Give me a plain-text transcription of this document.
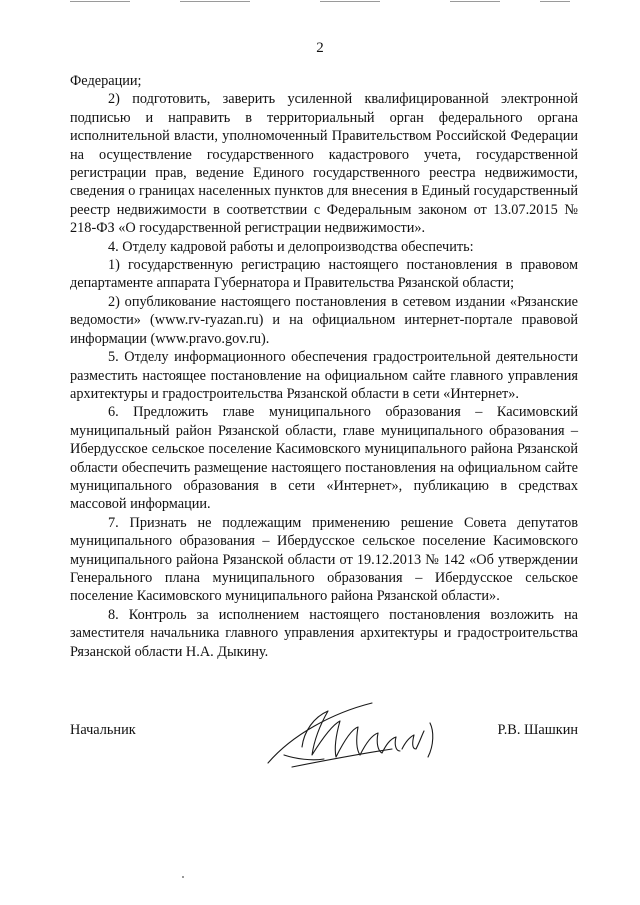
2

Федерации;

2) подготовить, заверить усиленной квалифицированной электронной подписью и направить в территориальный орган федерального органа исполнительной власти, уполномоченный Правительством Российской Федерации на осуществление государственного кадастрового учета, государственной регистрации прав, ведение Единого государственного реестра недвижимости, сведения о границах населенных пунктов для внесения в Единый государственный реестр недвижимости в соответствии с Федеральным законом от 13.07.2015 № 218-ФЗ «О государственной регистрации недвижимости».

4. Отделу кадровой работы и делопроизводства обеспечить:

1) государственную регистрацию настоящего постановления в правовом департаменте аппарата Губернатора и Правительства Рязанской области;

2) опубликование настоящего постановления в сетевом издании «Рязанские ведомости» (www.rv-ryazan.ru) и на официальном интернет-портале правовой информации (www.pravo.gov.ru).

5. Отделу информационного обеспечения градостроительной деятельности разместить настоящее постановление на официальном сайте главного управления архитектуры и градостроительства Рязанской области в сети «Интернет».

6. Предложить главе муниципального образования – Касимовский муниципальный район Рязанской области, главе муниципального образования – Ибердусское сельское поселение Касимовского муниципального района Рязанской области обеспечить размещение настоящего постановления на официальном сайте муниципального образования в сети «Интернет», публикацию в средствах массовой информации.

7. Признать не подлежащим применению решение Совета депутатов муниципального образования – Ибердусское сельское поселение Касимовского муниципального района Рязанской области от 19.12.2013 № 142 «Об утверждении Генерального плана муниципального образования – Ибердусское сельское поселение Касимовского муниципального района Рязанской области».

8. Контроль за исполнением настоящего постановления возложить на заместителя начальника главного управления архитектуры и градостроительства Рязанской области Н.А. Дыкину.

Начальник	Р.В. Шашкин
